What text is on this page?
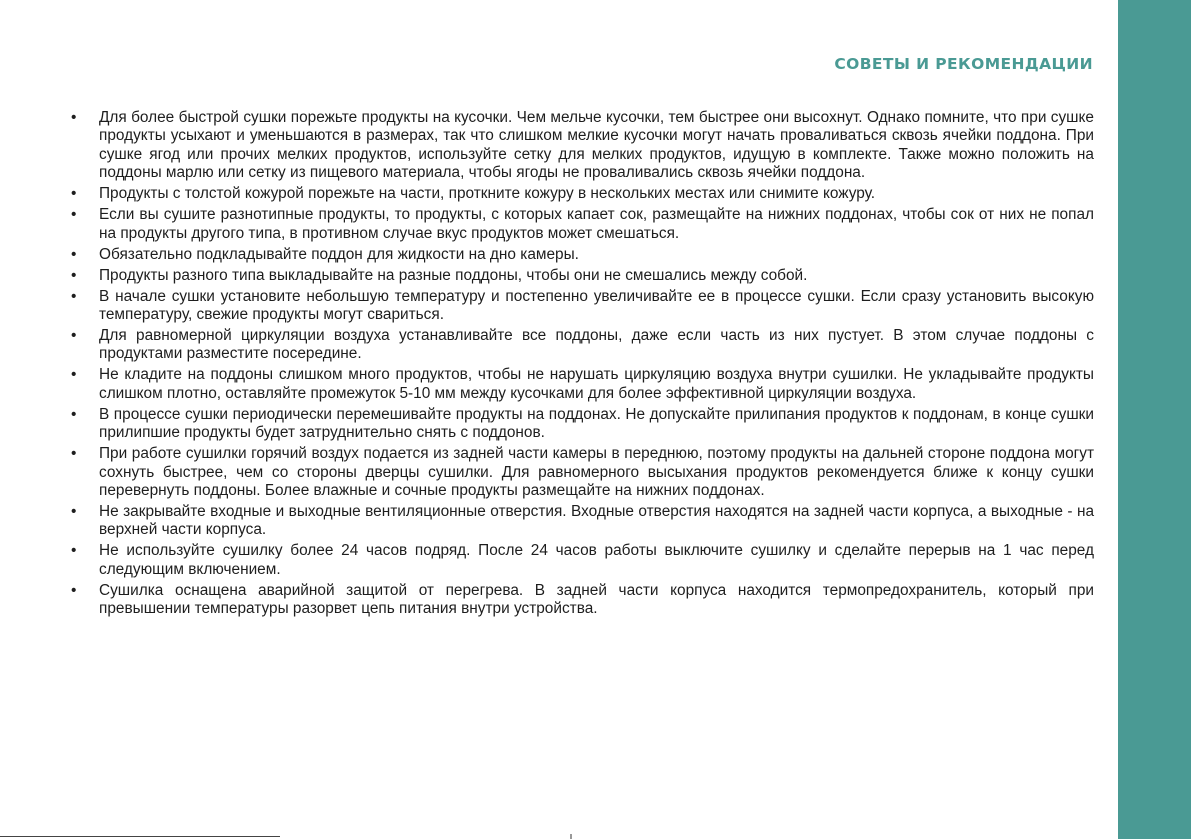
СОВЕТЫ И РЕКОМЕНДАЦИИ
• Для более быстрой сушки порежьте продукты на кусочки. Чем мельче кусочки, тем быстрее они высохнут. Однако помните, что при сушке продукты усыхают и уменьшаются в размерах, так что слишком мелкие кусочки могут начать проваливаться сквозь ячейки поддона. При сушке ягод или прочих мелких продуктов, используйте сетку для мелких продуктов, идущую в комплекте. Также можно положить на поддоны марлю или сетку из пищевого материала, чтобы ягоды не проваливались сквозь ячейки поддона.
• Продукты с толстой кожурой порежьте на части, проткните кожуру в нескольких местах или снимите кожуру.
• Если вы сушите разнотипные продукты, то продукты, с которых капает сок, размещайте на нижних поддонах, чтобы сок от них не попал на продукты другого типа, в противном случае вкус продуктов может смешаться.
• Обязательно подкладывайте поддон для жидкости на дно камеры.
• Продукты разного типа выкладывайте на разные поддоны, чтобы они не смешались между собой.
• В начале сушки установите небольшую температуру и постепенно увеличивайте ее в процессе сушки. Если сразу установить высокую температуру, свежие продукты могут свариться.
• Для равномерной циркуляции воздуха устанавливайте все поддоны, даже если часть из них пустует. В этом случае поддоны с продуктами разместите посередине.
• Не кладите на поддоны слишком много продуктов, чтобы не нарушать циркуляцию воздуха внутри сушилки. Не укладывайте продукты слишком плотно, оставляйте промежуток 5-10 мм между кусочками для более эффективной циркуляции воздуха.
• В процессе сушки периодически перемешивайте продукты на поддонах. Не допускайте прилипания продуктов к поддонам, в конце сушки прилипшие продукты будет затруднительно снять с поддонов.
• При работе сушилки горячий воздух подается из задней части камеры в переднюю, поэтому продукты на дальней стороне поддона могут сохнуть быстрее, чем со стороны дверцы сушилки. Для равномерного высыхания продуктов рекомендуется ближе к концу сушки перевернуть поддоны. Более влажные и сочные продукты размещайте на нижних поддонах.
• Не закрывайте входные и выходные вентиляционные отверстия. Входные отверстия находятся на задней части корпуса, а выходные - на верхней части корпуса.
• Не используйте сушилку более 24 часов подряд. После 24 часов работы выключите сушилку и сделайте перерыв на 1 час перед следующим включением.
• Сушилка оснащена аварийной защитой от перегрева. В задней части корпуса находится термопредохранитель, который при превышении температуры разорвет цепь питания внутри устройства.
